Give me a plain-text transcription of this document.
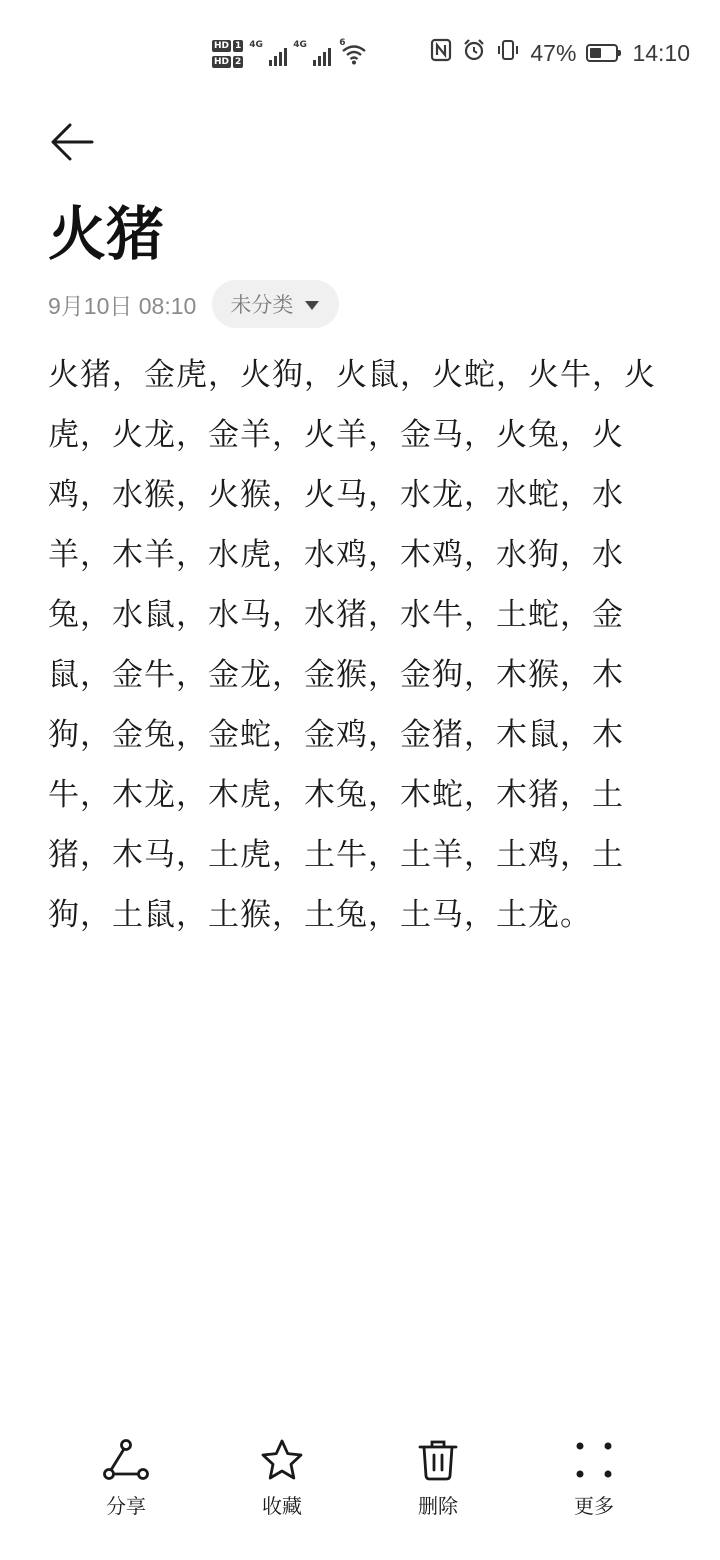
HD 1
HD 2
4G	4G	6	47% 14:10
火猪
9月10日 08:10 未分类

火猪，金虎，火狗，火鼠，火蛇，火牛，火虎，火龙，金羊，火羊，金马，火兔，火鸡，水猴，火猴，火马，水龙，水蛇，水羊，木羊，水虎，水鸡，木鸡，水狗，水兔，水鼠，水马，水猪，水牛，土蛇，金鼠，金牛，金龙，金猴，金狗，木猴，木狗，金兔，金蛇，金鸡，金猪，木鼠，木牛，木龙，木虎，木兔，木蛇，木猪，土猪，木马，土虎，土牛，土羊，土鸡，土狗，土鼠，土猴，土兔，土马，土龙。

分享	收藏	删除	更多
